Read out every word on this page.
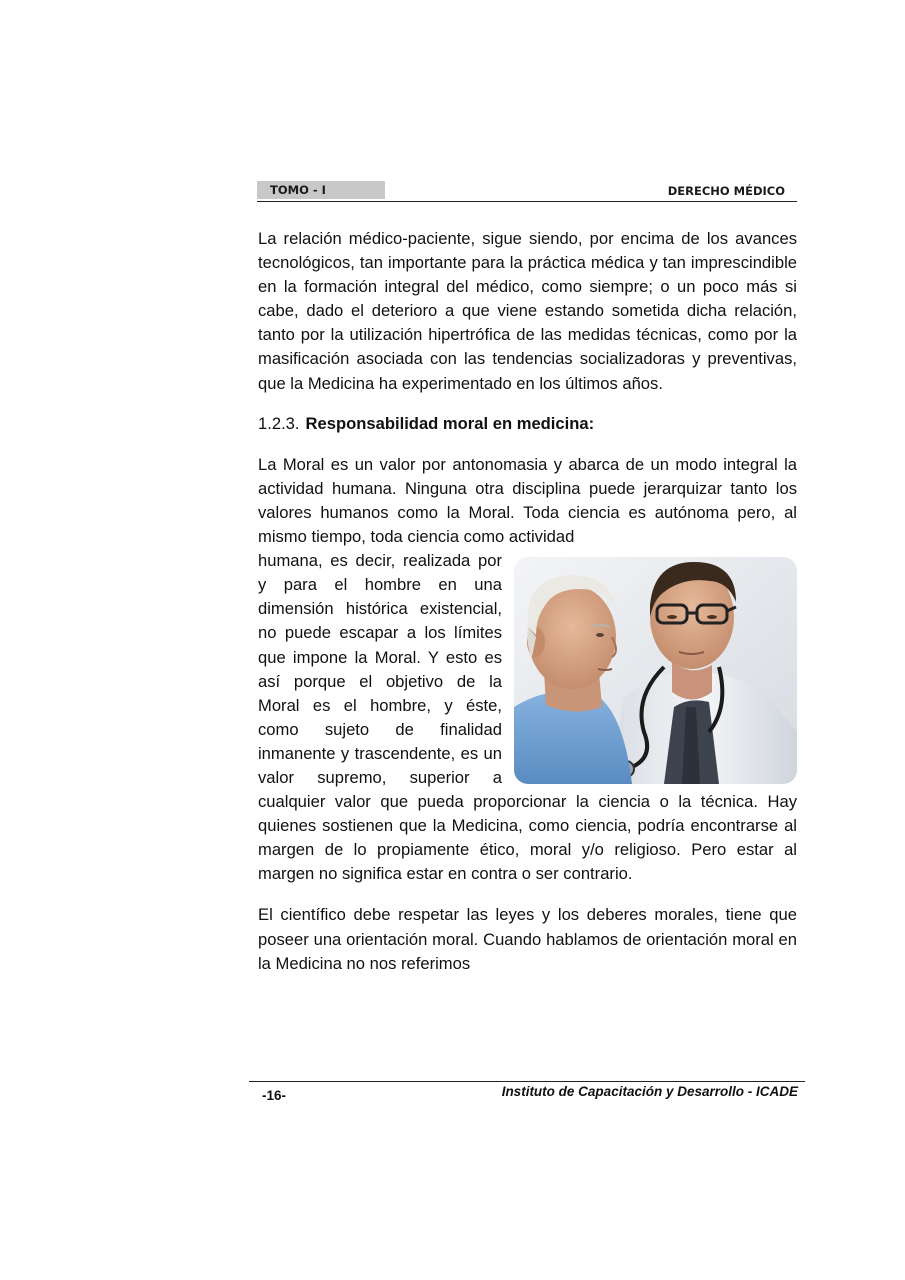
TOMO - I	DERECHO MÉDICO

La relación médico-paciente, sigue siendo, por encima de los avances tecnológicos, tan importante para la práctica médica y tan imprescindible en la formación integral del médico, como siempre; o un poco más si cabe, dado el deterioro a que viene estando sometida dicha relación, tanto por la utilización hipertrófica de las medidas técnicas, como por la masificación asociada con las tendencias socializadoras y preventivas, que la Medicina ha experimentado en los últimos años.

1.2.3. Responsabilidad moral en medicina:

La Moral es un valor por antonomasia y abarca de un modo integral la actividad humana. Ninguna otra disciplina puede jerarquizar tanto los valores humanos como la Moral. Toda ciencia es autónoma pero, al mismo tiempo, toda ciencia como actividad

humana, es decir, realizada por y para el hombre en una dimensión histórica existencial, no puede escapar a los límites que impone la Moral. Y esto es así porque el objetivo de la Moral es el hombre, y éste, como sujeto de finalidad inmanente y trascendente, es un valor supremo, superior a cualquier valor que pueda proporcionar la ciencia o la técnica. Hay quienes sostienen que la Medicina, como ciencia, podría encontrarse al margen de lo propiamente ético, moral y/o religioso. Pero estar al margen no significa estar en contra o ser contrario.

El científico debe respetar las leyes y los deberes morales, tiene que poseer una orientación moral. Cuando hablamos de orientación moral en la Medicina no nos referimos

-16-	Instituto de Capacitación y Desarrollo - ICADE
